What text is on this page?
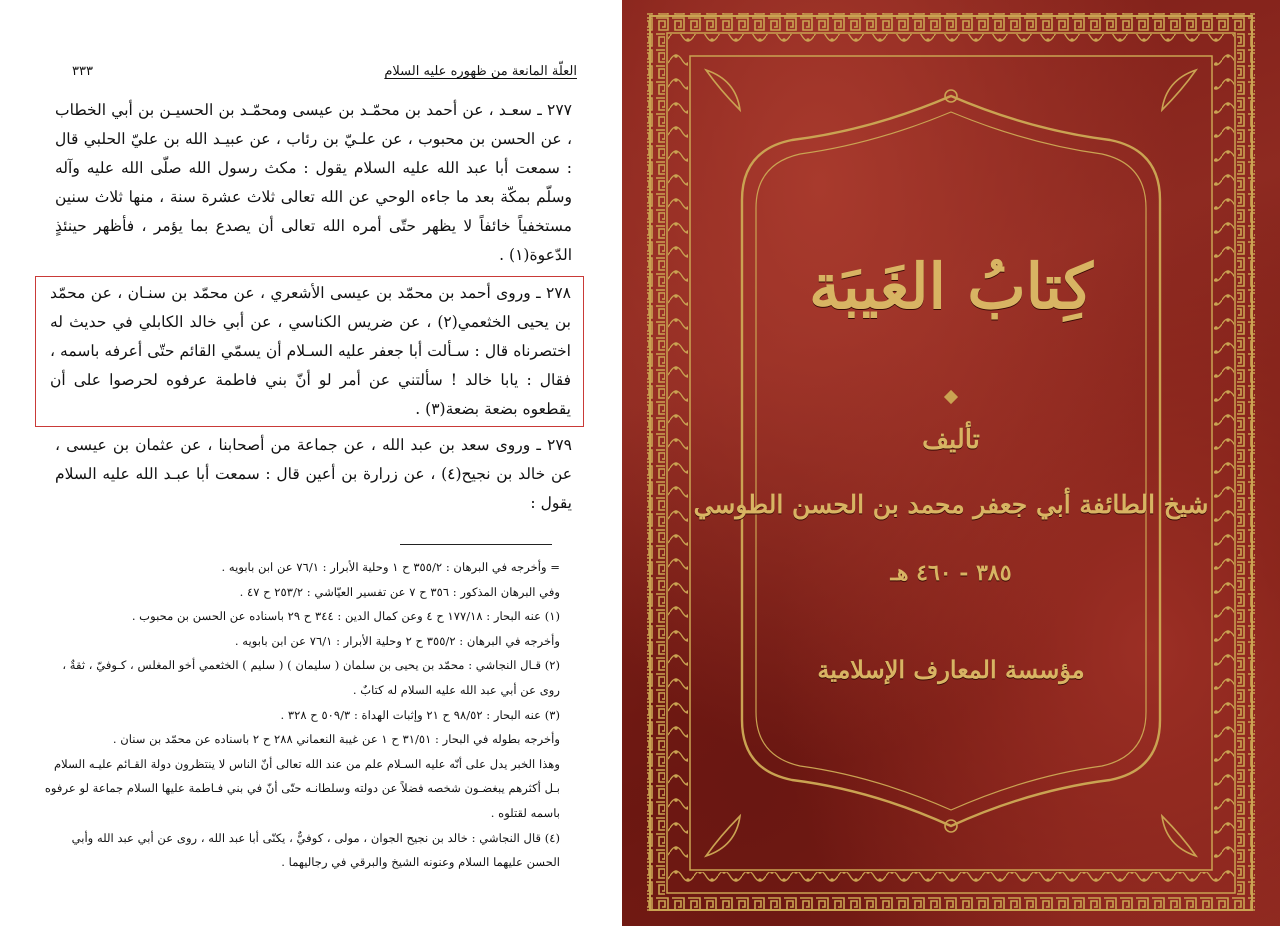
العلّة المانعة من ظهوره عليه السلام
٣٣٣

٢٧٧ ـ سعـد ، عن أحمد بن محمّـد بن عيسى ومحمّـد بن الحسيـن بن أبي الخطاب ، عن الحسن بن محبوب ، عن علـيّ بن رئاب ، عن عبيـد الله بن عليّ الحلبي قال : سمعت أبا عبد الله عليه السلام يقول : مكث رسول الله صلّى الله عليه وآله وسلّم بمكّة بعد ما جاءه الوحي عن الله تعالى ثلاث عشرة سنة ، منها ثلاث سنين مستخفياً خائفاً لا يظهر حتّى أمره الله تعالى أن يصدع بما يؤمر ، فأظهر حينئذٍ الدّعوة(١) .

٢٧٨ ـ وروى أحمد بن محمّد بن عيسى الأشعري ، عن محمّد بن سنـان ، عن محمّد بن يحيى الخثعمي(٢) ، عن ضريس الكناسي ، عن أبي خالد الكابلي في حديث له اختصرناه قال : سـألت أبا جعفر عليه السـلام أن يسمّي القائم حتّى أعرفه باسمه ، فقال : يابا خالد ! سألتني عن أمر لو أنّ بني فاطمة عرفوه لحرصوا على أن يقطعوه بضعة بضعة(٣) .

٢٧٩ ـ وروى سعد بن عبد الله ، عن جماعة من أصحابنا ، عن عثمان بن عيسى ، عن خالد بن نجيح(٤) ، عن زرارة بن أعين قال : سمعت أبا عبـد الله عليه السلام يقول :

= وأخرجه في البرهان : ٣٥٥/٢ ح ١ وحلية الأبرار : ٧٦/١ عن ابن بابويه .

وفي البرهان المذكور : ٣٥٦ ح ٧ عن تفسير العيّاشي : ٢٥٣/٢ ح ٤٧ .

(١) عنه البحار : ١٧٧/١٨ ح ٤ وعن كمال الدين : ٣٤٤ ح ٢٩ باسناده عن الحسن بن محبوب .

وأخرجه في البرهان : ٣٥٥/٢ ح ٢ وحلية الأبرار : ٧٦/١ عن ابن بابويه .

(٢) قـال النجاشي : محمّد بن يحيى بن سلمان ( سليمان ) ( سليم ) الخثعمي أخو المغلس ، كـوفيّ ، ثقةٌ ، روى عن أبي عبد الله عليه السلام له كتابٌ .

(٣) عنه البحار : ٩٨/٥٢ ح ٢١ وإثبات الهداة : ٥٠٩/٣ ح ٣٢٨ .

وأخرجه بطوله في البحار : ٣١/٥١ ح ١ عن غيبة النعماني ٢٨٨ ح ٢ باسناده عن محمّد بن سنان .

وهذا الخبر يدل على أنّه عليه السـلام علم من عند الله تعالى أنّ الناس لا ينتظرون دولة القـائم عليـه السلام بـل أكثرهم يبغضـون شخصه فضلاً عن دولته وسلطانـه حتّى أنّ في بني فـاطمة عليها السلام جماعة لو عرفوه باسمه لقتلوه .

(٤) قال النجاشي : خالد بن نجيح الجوان ، مولى ، كوفيٌّ ، يكنّى أبا عبد الله ، روى عن أبي عبد الله وأبي الحسن عليهما السلام وعنونه الشيخ والبرقي في رجاليهما .

كِتابُ الغَيبَة
تأليف
شيخ الطائفة أبي جعفر محمد بن الحسن الطوسي
٣٨٥ - ٤٦٠ هـ
مؤسسة المعارف الإسلامية
